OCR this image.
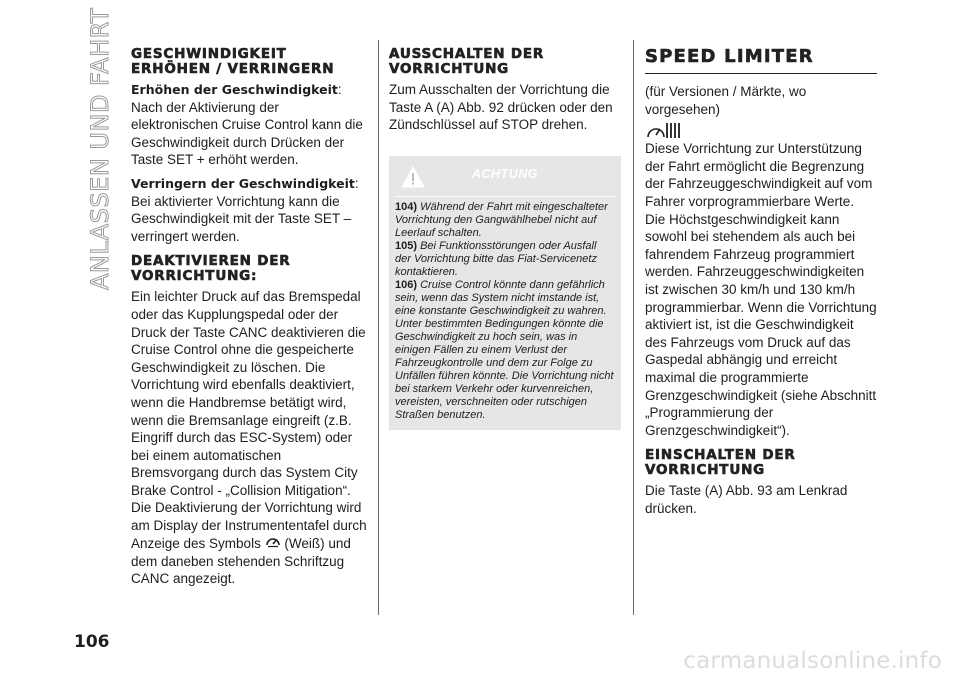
ANLASSEN UND FAHRT GESCHWINDIGKEIT ERHÖHEN / VERRINGERN

Erhöhen der Geschwindigkeit:
Nach der Aktivierung der elektronischen Cruise Control kann die Geschwindigkeit durch Drücken der Taste SET + erhöht werden.

Verringern der Geschwindigkeit:
Bei aktivierter Vorrichtung kann die Geschwindigkeit mit der Taste SET – verringert werden.

DEAKTIVIEREN DER VORRICHTUNG:

Ein leichter Druck auf das Bremspedal oder das Kupplungspedal oder der Druck der Taste CANC deaktivieren die Cruise Control ohne die gespeicherte Geschwindigkeit zu löschen. Die Vorrichtung wird ebenfalls deaktiviert, wenn die Handbremse betätigt wird, wenn die Bremsanlage eingreift (z.B. Eingriff durch das ESC-System) oder bei einem automatischen Bremsvorgang durch das System City Brake Control - „Collision Mitigation“. Die Deaktivierung der Vorrichtung wird am Display der Instrumententafel durch Anzeige des Symbols (Weiß) und dem daneben stehenden Schriftzug CANC angezeigt.

AUSSCHALTEN DER VORRICHTUNG

Zum Ausschalten der Vorrichtung die Taste A (A) Abb. 92 drücken oder den Zündschlüssel auf STOP drehen.

ACHTUNG

104) Während der Fahrt mit eingeschalteter Vorrichtung den Gangwählhebel nicht auf Leerlauf schalten.

105) Bei Funktionsstörungen oder Ausfall der Vorrichtung bitte das Fiat-Servicenetz kontaktieren.

106) Cruise Control könnte dann gefährlich sein, wenn das System nicht imstande ist, eine konstante Geschwindigkeit zu wahren. Unter bestimmten Bedingungen könnte die Geschwindigkeit zu hoch sein, was in einigen Fällen zu einem Verlust der Fahrzeugkontrolle und dem zur Folge zu Unfällen führen könnte. Die Vorrichtung nicht bei starkem Verkehr oder kurvenreichen, vereisten, verschneiten oder rutschigen Straßen benutzen.

SPEED LIMITER

(für Versionen / Märkte, wo vorgesehen)

Diese Vorrichtung zur Unterstützung der Fahrt ermöglicht die Begrenzung der Fahrzeuggeschwindigkeit auf vom Fahrer vorprogrammierbare Werte. Die Höchstgeschwindigkeit kann sowohl bei stehendem als auch bei fahrendem Fahrzeug programmiert werden. Fahrzeuggeschwindigkeiten ist zwischen 30 km/h und 130 km/h programmierbar. Wenn die Vorrichtung aktiviert ist, ist die Geschwindigkeit des Fahrzeugs vom Druck auf das Gaspedal abhängig und erreicht maximal die programmierte Grenzgeschwindigkeit (siehe Abschnitt „Programmierung der Grenzgeschwindigkeit“).

EINSCHALTEN DER VORRICHTUNG

Die Taste (A) Abb. 93 am Lenkrad drücken.

106
carmanualsonline.info
